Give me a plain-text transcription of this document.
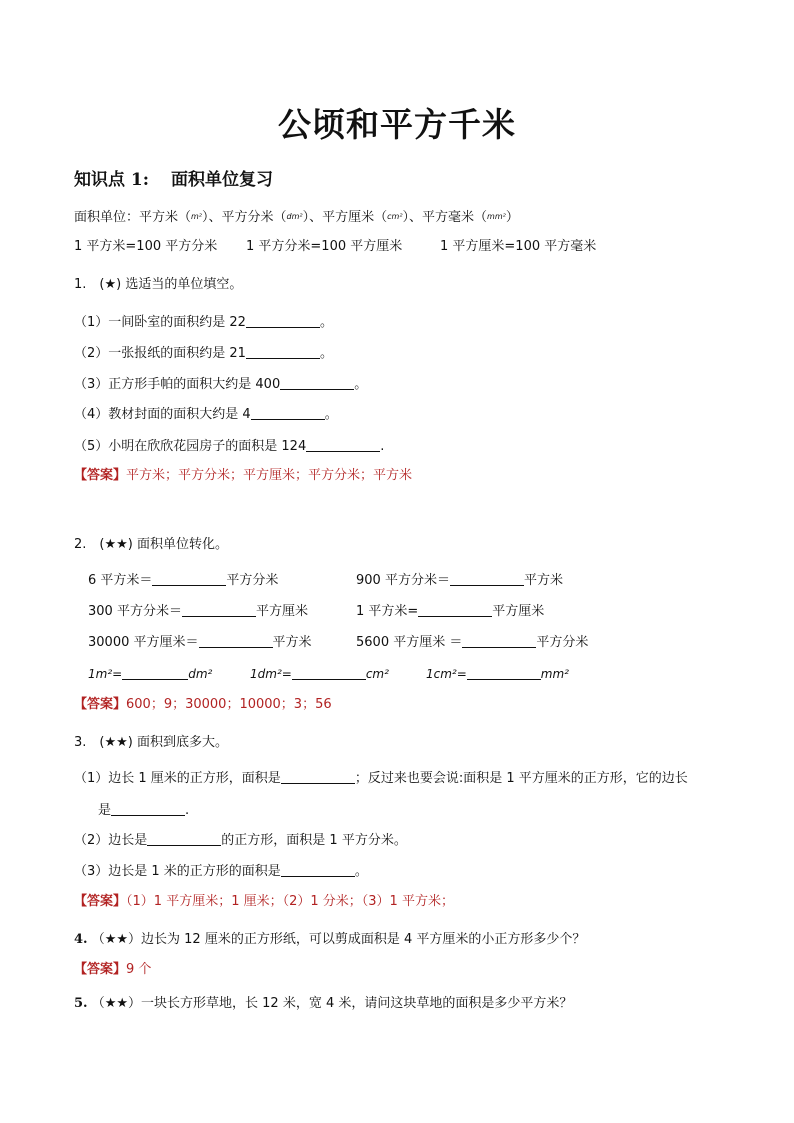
公顷和平方千米
知识点 1: 面积单位复习
面积单位：平方米（m²）、平方分米（dm²）、平方厘米（cm²）、平方毫米（mm²）
1 平方米=100 平方分米 1 平方分米=100 平方厘米	1 平方厘米=100 平方毫米
1.　(★) 选适当的单位填空。
（1）一间卧室的面积约是 22	。
（2）一张报纸的面积约是 21	。
（3）正方形手帕的面积大约是 400	。
（4）教材封面的面积大约是 4	。
（5）小明在欣欣花园房子的面积是 124	.
【答案】平方米；平方分米；平方厘米；平方分米；平方米
2.　(★★) 面积单位转化。
6 平方米＝	平方分米	900 平方分米＝	平方米
300 平方分米＝	平方厘米	1 平方米=	平方厘米
30000 平方厘米＝	平方米	5600 平方厘米 ＝	平方分米
1m²=	dm²	1dm²=	cm²	1cm²=	mm²
【答案】600；9；30000；10000；3；56
3.　(★★) 面积到底多大。
（1）边长 1 厘米的正方形，面积是	；反过来也要会说:面积是 1 平方厘米的正方形，它的边长
是	.
（2）边长是	的正方形，面积是 1 平方分米。
（3）边长是 1 米的正方形的面积是	。
【答案】（1）1 平方厘米；1 厘米；（2）1 分米；（3）1 平方米；
4. （★★）边长为 12 厘米的正方形纸，可以剪成面积是 4 平方厘米的小正方形多少个？
【答案】9 个
5. （★★）一块长方形草地，长 12 米，宽 4 米，请问这块草地的面积是多少平方米？
